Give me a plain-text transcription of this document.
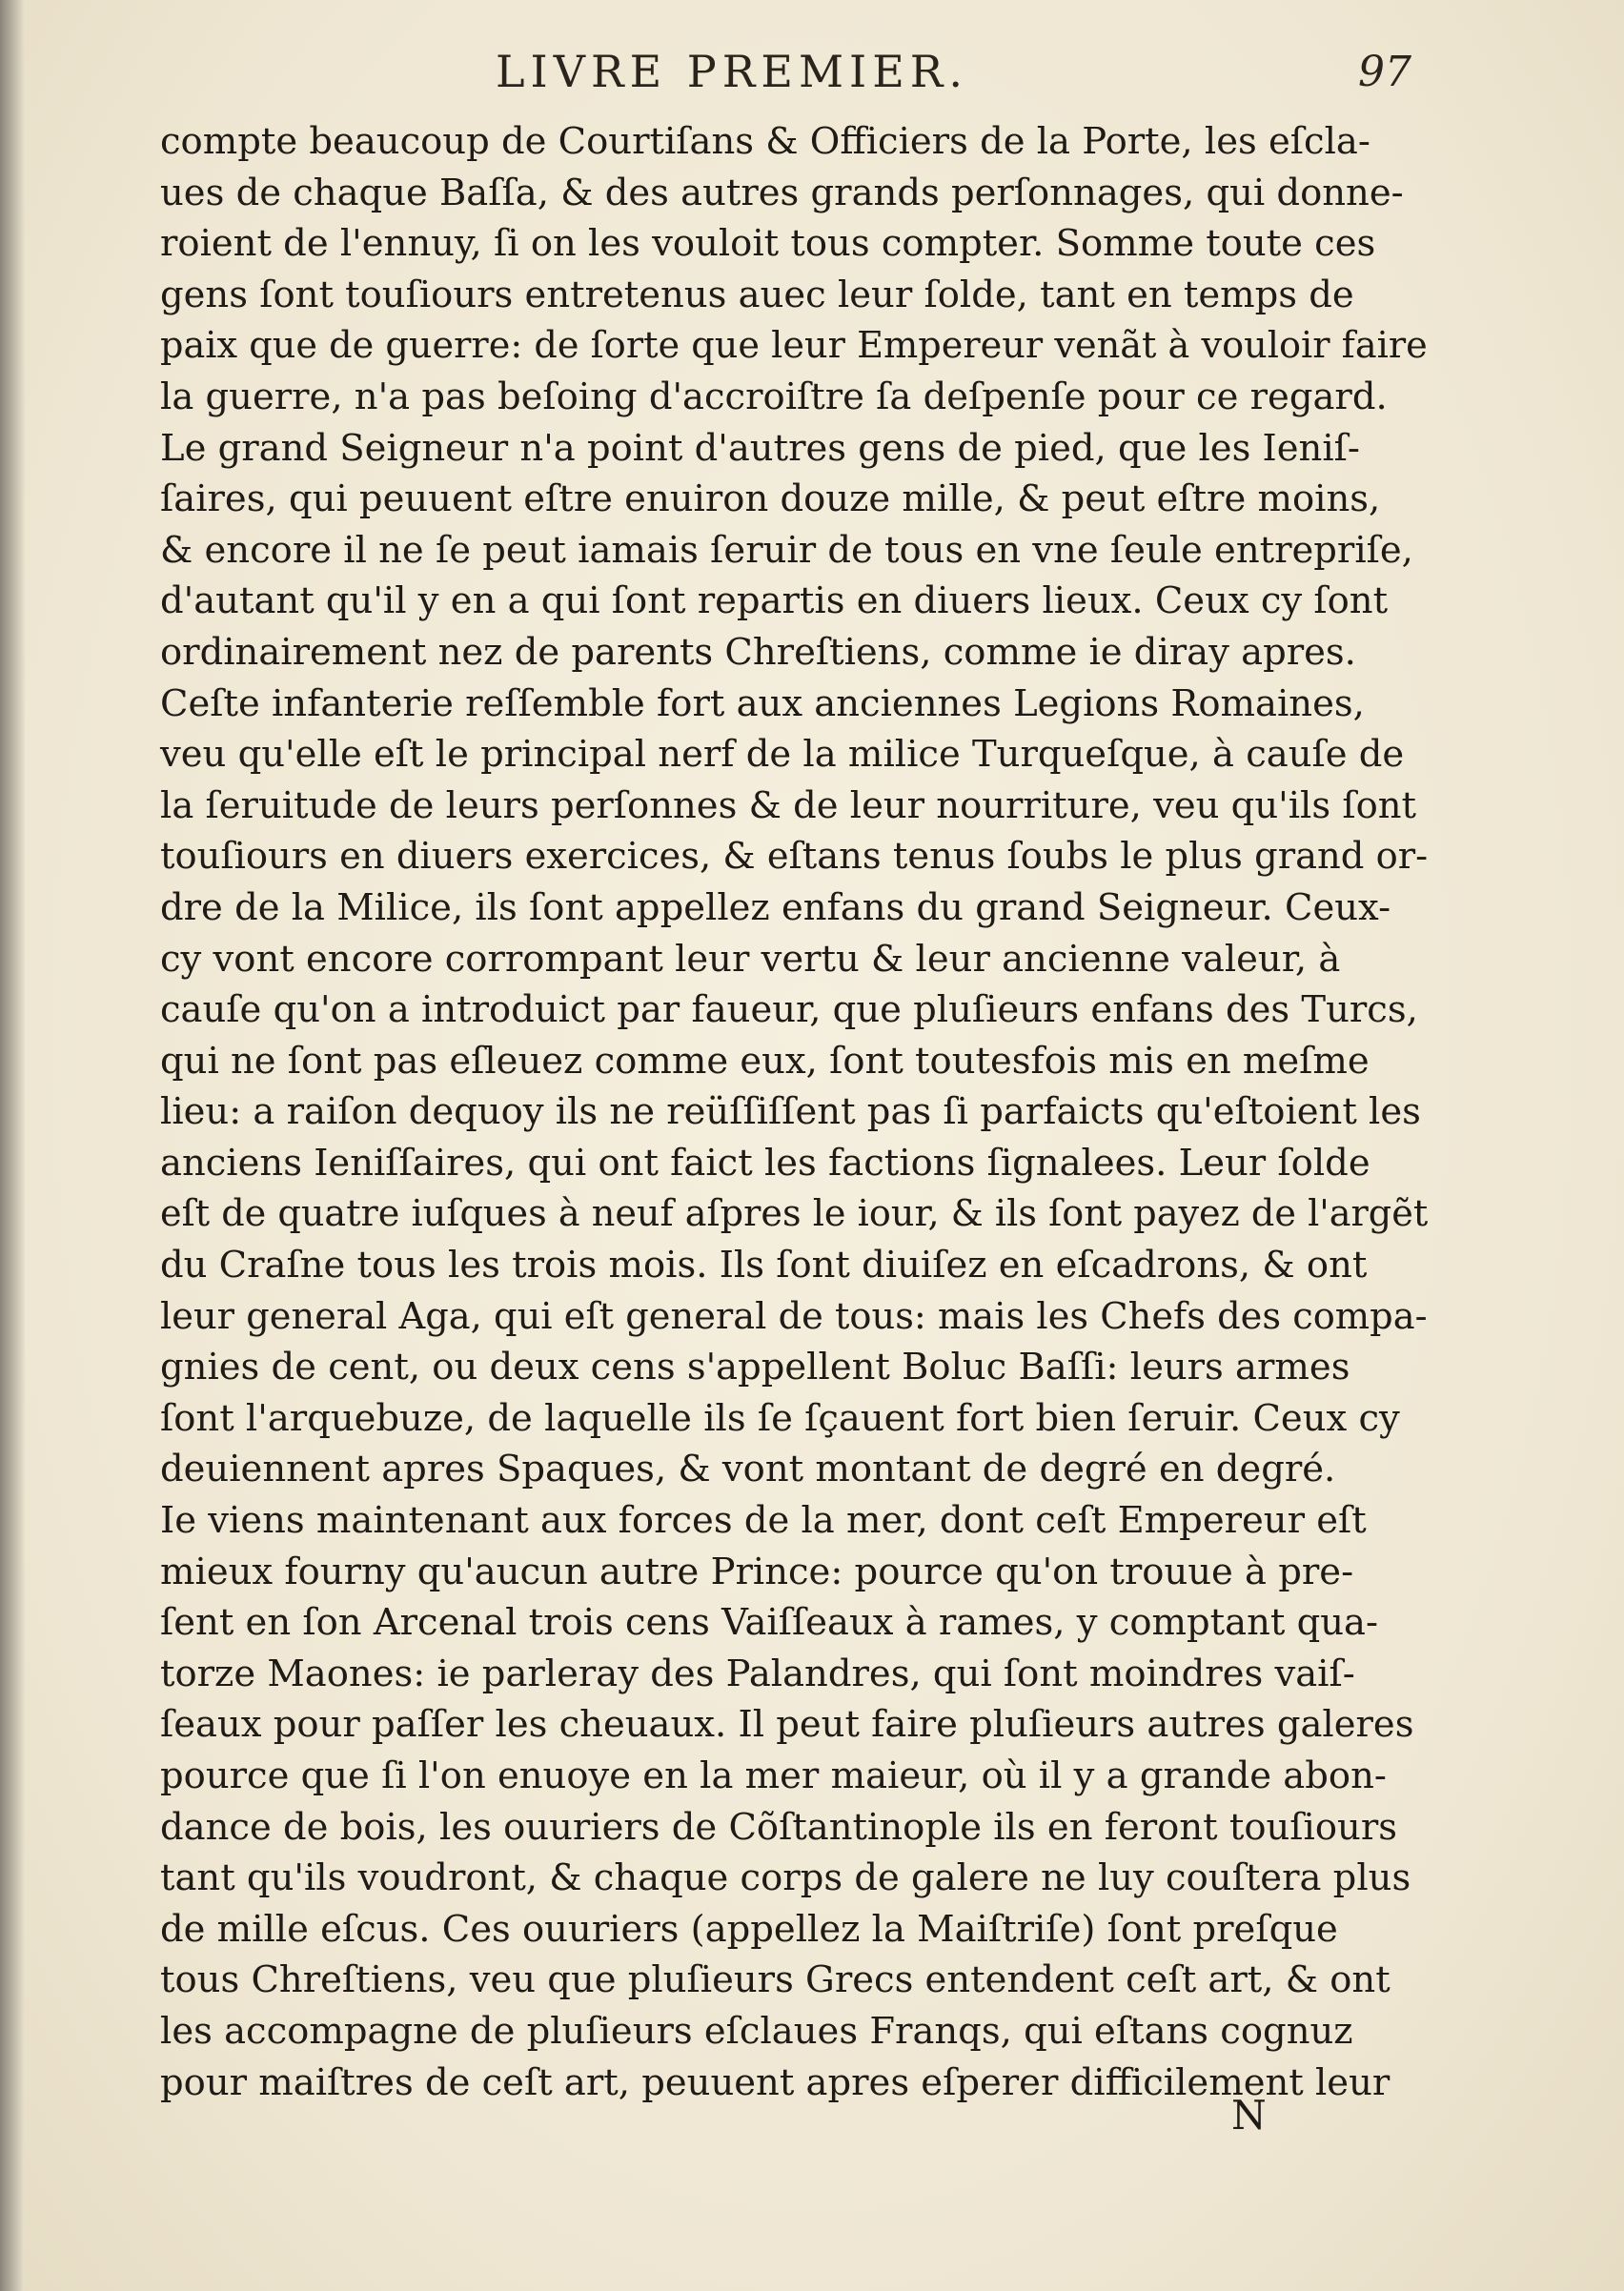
LIVRE PREMIER.	97
compte beaucoup de Courtiſans & Officiers de la Porte, les eſcla-
ues de chaque Baſſa, & des autres grands perſonnages, qui donne-
roient de l'ennuy, ſi on les vouloit tous compter. Somme toute ces
gens ſont touſiours entretenus auec leur ſolde, tant en temps de
paix que de guerre: de ſorte que leur Empereur venãt à vouloir faire
la guerre, n'a pas beſoing d'accroiſtre ſa deſpenſe pour ce regard.
Le grand Seigneur n'a point d'autres gens de pied, que les Ieniſ-
ſaires, qui peuuent eſtre enuiron douze mille, & peut eſtre moins,
& encore il ne ſe peut iamais ſeruir de tous en vne ſeule entrepriſe,
d'autant qu'il y en a qui ſont repartis en diuers lieux. Ceux cy ſont
ordinairement nez de parents Chreſtiens, comme ie diray apres.
Ceſte infanterie reſſemble fort aux anciennes Legions Romaines,
veu qu'elle eſt le principal nerf de la milice Turqueſque, à cauſe de
la ſeruitude de leurs perſonnes & de leur nourriture, veu qu'ils ſont
touſiours en diuers exercices, & eſtans tenus ſoubs le plus grand or-
dre de la Milice, ils ſont appellez enfans du grand Seigneur. Ceux-
cy vont encore corrompant leur vertu & leur ancienne valeur, à
cauſe qu'on a introduict par faueur, que pluſieurs enfans des Turcs,
qui ne ſont pas eſleuez comme eux, ſont toutesfois mis en meſme
lieu: a raiſon dequoy ils ne reüſſiſſent pas ſi parfaicts qu'eſtoient les
anciens Ieniſſaires, qui ont faict les factions ſignalees. Leur ſolde
eſt de quatre iuſques à neuf aſpres le iour, & ils ſont payez de l'argẽt
du Craſne tous les trois mois. Ils ſont diuiſez en eſcadrons, & ont
leur general Aga, qui eſt general de tous: mais les Chefs des compa-
gnies de cent, ou deux cens s'appellent Boluc Baſſi: leurs armes
ſont l'arquebuze, de laquelle ils ſe ſçauent fort bien ſeruir. Ceux cy
deuiennent apres Spaques, & vont montant de degré en degré.
Ie viens maintenant aux forces de la mer, dont ceſt Empereur eſt
mieux fourny qu'aucun autre Prince: pource qu'on trouue à pre-
ſent en ſon Arcenal trois cens Vaiſſeaux à rames, y comptant qua-
torze Maones: ie parleray des Palandres, qui ſont moindres vaiſ-
ſeaux pour paſſer les cheuaux. Il peut faire pluſieurs autres galeres
pource que ſi l'on enuoye en la mer maieur, où il y a grande abon-
dance de bois, les ouuriers de Cõſtantinople ils en feront touſiours
tant qu'ils voudront, & chaque corps de galere ne luy couſtera plus
de mille eſcus. Ces ouuriers (appellez la Maiſtriſe) ſont preſque
tous Chreſtiens, veu que pluſieurs Grecs entendent ceſt art, & ont
les accompagne de pluſieurs eſclaues Franqs, qui eſtans cognuz
pour maiſtres de ceſt art, peuuent apres eſperer difficilement leur
N
